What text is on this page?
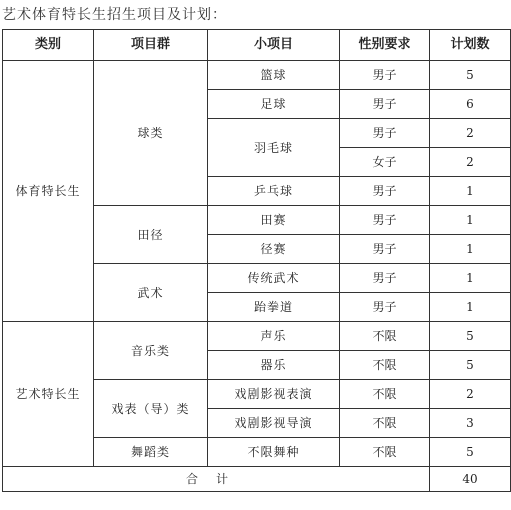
艺术体育特长生招生项目及计划：
类别	项目群	小项目	性别要求	计划数
体育特长生	球类	篮球	男子	5
		足球	男子	6
		羽毛球	男子	2
			女子	2
		乒乓球	男子	1
	田径	田赛	男子	1
		径赛	男子	1
	武术	传统武术	男子	1
		跆拳道	男子	1
艺术特长生	音乐类	声乐	不限	5
		器乐	不限	5
	戏表（导）类	戏剧影视表演	不限	2
		戏剧影视导演	不限	3
	舞蹈类	不限舞种	不限	5
合计				40
